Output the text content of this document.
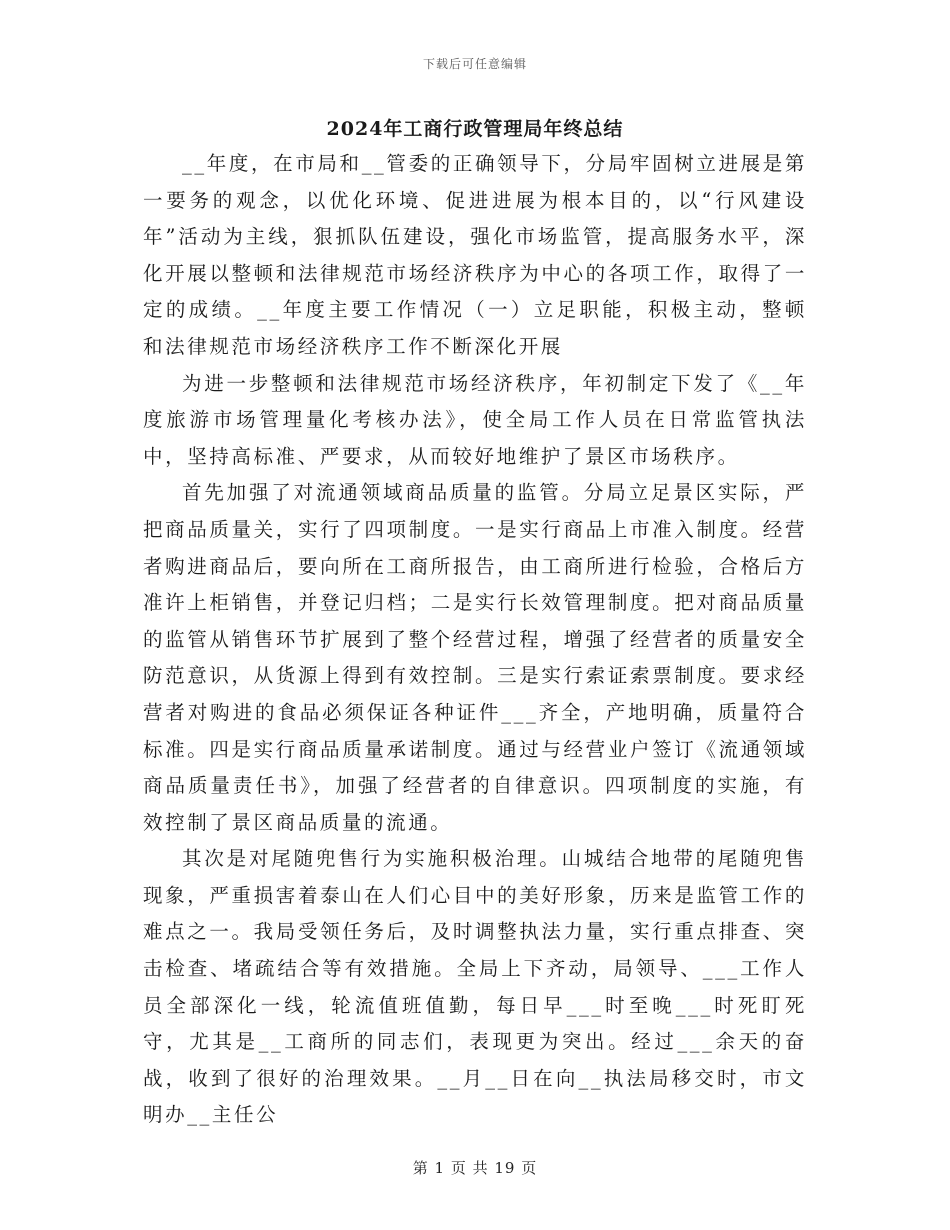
下载后可任意编辑
2024年工商行政管理局年终总结

__年度，在市局和__管委的正确领导下，分局牢固树立进展是第一要务的观念，以优化环境、促进进展为根本目的，以“行风建设年”活动为主线，狠抓队伍建设，强化市场监管，提高服务水平，深化开展以整顿和法律规范市场经济秩序为中心的各项工作，取得了一定的成绩。__年度主要工作情况（一）立足职能，积极主动，整顿和法律规范市场经济秩序工作不断深化开展

为进一步整顿和法律规范市场经济秩序，年初制定下发了《__年度旅游市场管理量化考核办法》，使全局工作人员在日常监管执法中，坚持高标准、严要求，从而较好地维护了景区市场秩序。

首先加强了对流通领域商品质量的监管。分局立足景区实际，严把商品质量关，实行了四项制度。一是实行商品上市准入制度。经营者购进商品后，要向所在工商所报告，由工商所进行检验，合格后方准许上柜销售，并登记归档；二是实行长效管理制度。把对商品质量的监管从销售环节扩展到了整个经营过程，增强了经营者的质量安全防范意识，从货源上得到有效控制。三是实行索证索票制度。要求经营者对购进的食品必须保证各种证件___齐全，产地明确，质量符合标准。四是实行商品质量承诺制度。通过与经营业户签订《流通领域商品质量责任书》，加强了经营者的自律意识。四项制度的实施，有效控制了景区商品质量的流通。

其次是对尾随兜售行为实施积极治理。山城结合地带的尾随兜售现象，严重损害着泰山在人们心目中的美好形象，历来是监管工作的难点之一。我局受领任务后，及时调整执法力量，实行重点排查、突击检查、堵疏结合等有效措施。全局上下齐动，局领导、___工作人员全部深化一线，轮流值班值勤，每日早___时至晚___时死盯死守，尤其是__工商所的同志们，表现更为突出。经过___余天的奋战，收到了很好的治理效果。__月__日在向__执法局移交时，市文明办__主任公

第 1 页 共 19 页
